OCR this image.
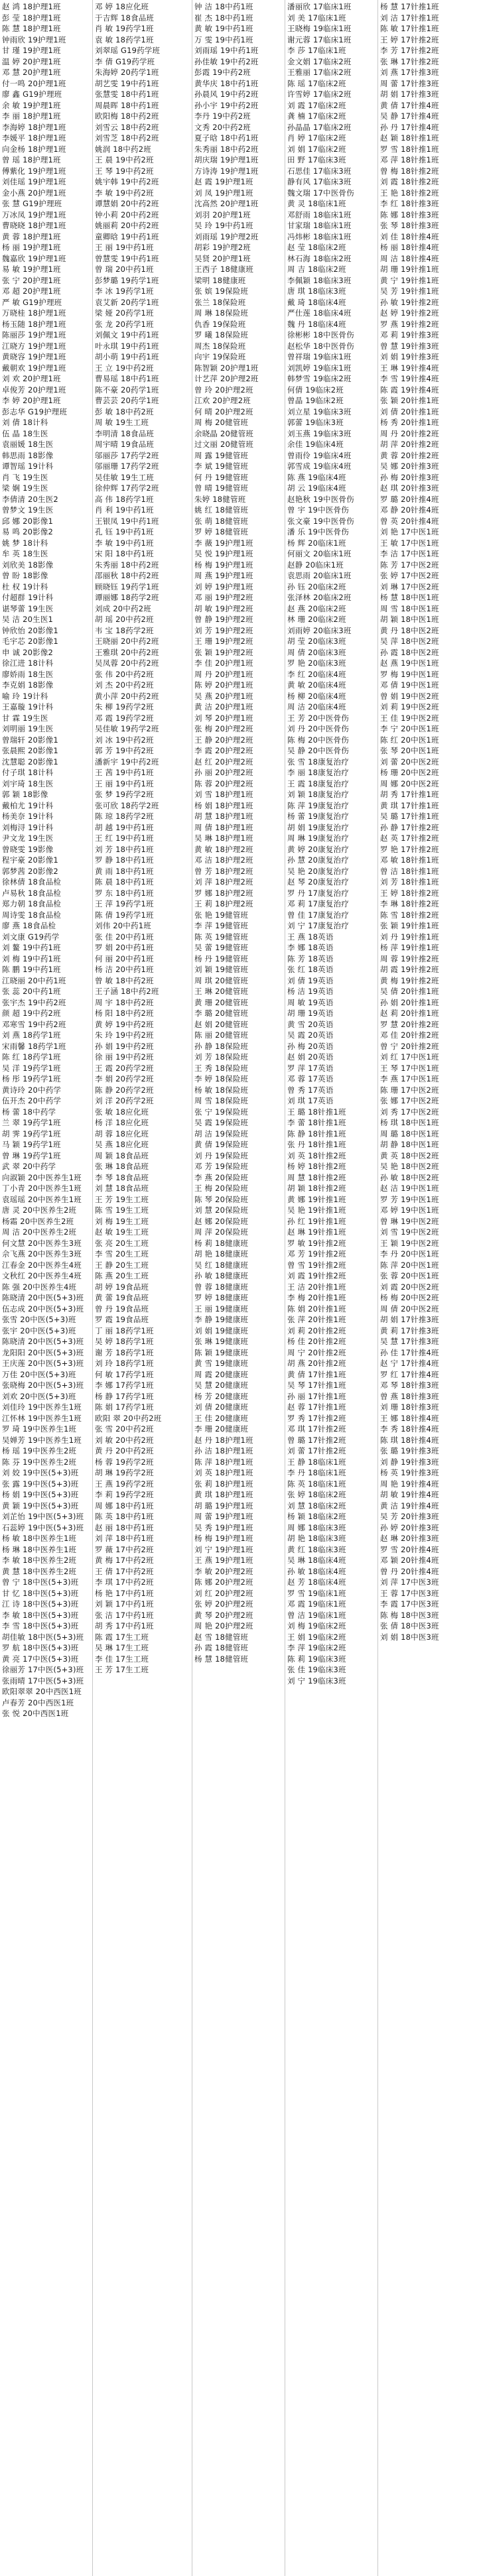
赵 鸿 18护理1班
彭 莹 18护理1班
陈 慧 18护理1班
钟雨欣 19护理1班
甘 瑾 19护理1班
温 婷 20护理1班
邓 慧 20护理1班
付一鸣 20护理1班
廖 鑫 G19护理班
余 敏 19护理1班
李 丽 18护理1班
李海婷 18护理1班
李媛平 18护理1班
向金杨 18护理1班
曾 瑶 18护理1班
傅紫化 19护理1班
刘佳瑶 19护理1班
金小燕 20护理1班
张 慧 G19护理班
万冰凤 19护理1班
曹晓晓 18护理1班
黄 蓉 18护理1班
杨 丽 19护理1班
魏嘉欣 19护理1班
易 敏 19护理1班
张 宁 20护理1班
邓 超 20护理1班
严 敏 G19护理班
万晓桂 18护理1班
杨玉随 18护理1班
陈丽莎 19护理1班
江晓方 19护理1班
黄晓容 19护理1班
戴朝欢 19护理1班
刘 欢 20护理1班
卓俊芳 20护理1班
李 婷 20护理1班
彭志华 G19护理班
刘 倩 18计科
伍 晶 18生医
袁丽媛 18生医
韩思雨 18影像
谭智瑶 19计科
肖 飞 19生医
梁 娴 19生医
李倩清 20生医2
曾梦文 19生医
邱 娜 20影像1
易 鸣 20影像2
姚 梦 18计科
牟 英 18生医
刘欣美 18影像
曾 盼 18影像
杜 权 19计科
付超群 19计科
谌琴蕾 19生医
吴 洁 20生医1
钟欣怡 20影像1
毛宇芯 20影像1
申 诚 20影像2
徐江进 18计科
廖娇雨 18生医
李克娟 18影像
喻 玲 19计科
王嘉璇 19计科
甘 霖 19生医
刘明丽 19生医
曾瑞轩 20影像1
张晨熙 20影像1
沈慧聪 20影像1
付子琪 18计科
刘宇琦 18生医
郭 颖 18影像
戴柏尤 19计科
杨美奈 19计科
刘梅浔 19计科
尹文龙 19生医
曾晓雯 19影像
程宇豪 20影像1
郭梦茜 20影像2
徐林倩 18食品检
卢易秋 18食品检
郑力朝 18食品检
周诗雯 18食品检
廖 燕 18食品检
刘文康 G19药学
刘 鳌 19中药1班
刘 梅 19中药1班
陈 鹏 19中药1班
江晓丽 20中药1班
张 蕊 20中药1班
张宇杰 19中药2班
颜 超 19中药2班
邓寒雪 19中药2班
刘 燕 18药学1班
宋雨馨 18药学1班
陈 红 18药学1班
吴 洋 19药学1班
杨 彤 19药学1班
黄诗玲 20中药学
伍开杰 20中药学
杨 蕾 18中药学
兰 翠 19药学1班
胡 霁 19药学1班
马 颖 19药学1班
曾 琳 19药学1班
武 翠 20中药学
向淑颖 20中医养生1班
丁小青 20中医养生1班
袁瑶瑶 20中医养生1班
唐 灵 20中医养生2班
杨霜 20中医养生2班
周 洁 20中医养生2班
何文慧 20中医养生3班
佘飞燕 20中医养生3班
江春金 20中医养生4班
文秋红 20中医养生4班
陈 强 20中医养生4班
陈晓清 20中医(5+3)班
伍志成 20中医(5+3)班
张雪 20中医(5+3)班
张宇 20中医(5+3)班
陈晓清 20中医(5+3)班
龙阳阳 20中医(5+3)班
王庆莲 20中医(5+3)班
万佳 20中医(5+3)班
张晓梅 20中医(5+3)班
刘欢 20中医(5+3)班
刘佳玲 19中医养生1班
江怀林 19中医养生1班
罗 琦 19中医养生1班
吴婵芳 19中医养生1班
杨 瑶 19中医养生2班
陈 芬 19中医养生2班
刘 姣 19中医(5+3)班
张 露 19中医(5+3)班
杨 娟 19中医(5+3)班
黄 颖 19中医(5+3)班
刘芷怡 19中医(5+3)班
石蕊婷 19中医(5+3)班
杨 敏 18中医养生1班
杨 琳 18中医养生1班
李 敏 18中医养生2班
黄 慧 18中医养生2班
曾 宁 18中医(5+3)班
甘 忆 18中医(5+3)班
江 诗 18中医(5+3)班
李 敏 18中医(5+3)班
李 雪 18中医(5+3)班
胡佳敏 18中医(5+3)班
罗 航 18中医(5+3)班
黄 亮 17中医(5+3)班
徐丽芳 17中医(5+3)班
张雨晴 17中医(5+3)班
欧阳翠翠 20中西医1班
卢春芳 20中西医1班
张 悦 20中西医1班
邓 婷 18应化班
于吉辉 18食品班
肖 敏 19药学1班
袁 敏 18药学1班
刘翠瑶 G19药学班
李 倩 G19药学班
朱海婷 20药学1班
胡艺雯 19中药1班
张慧雯 18中药1班
周晨晖 18中药1班
欧阳梅 18中药2班
刘雪云 18中药2班
刘雪芝 18中药2班
姚润 18中药2班
王 晨 19中药2班
王 琴 19中药2班
姚宇韩 19中药2班
李 敏 19中药2班
谭慧娟 20中药2班
钟小莉 20中药2班
姚丽莉 20中药2班
童卿晗 19中药1班
王 丽 19中药1班
曾慧雯 19中药1班
曾 瑞 20中药1班
彭梦璐 19药学1班
李 冰 19药学1班
袁艾新 20药学1班
梁 娅 20药学1班
张 龙 20药学1班
刘佩文 19中药1班
叶永琪 19中药1班
胡小萌 19中药1班
王 立 19中药2班
曹易瑶 18中药1班
陈不豪 20药学1班
曹芸芸 20药学1班
彭 敏 18中药2班
周 敏 19生工班
李明清 18食品班
周宇晴 19食品班
邬丽莎 17药学2班
邬丽珊 17药学2班
吴佳敏 19生工班
徐仲辉 17药学2班
高 伟 18药学1班
肖 利 19中药1班
王银凤 19中药1班
孔 钰 19中药1班
李 敏 19中药1班
宋 阳 18中药1班
朱秀丽 18中药2班
邵丽秋 18中药2班
顾晓钰 19药学1班
谭丽娜 18药学2班
刘成 20中药2班
胡 瑶 20中药2班
韦 宝 18药学2班
王晓丽 20中药2班
王雅琪 20中药2班
吴凤蓉 20中药2班
张 伟 20中药2班
刘 杰 20中药2班
黄小萍 20中药2班
朱 柳 19药学2班
邓 霞 19药学2班
吴佳敏 19药学2班
刘 冰 19中药2班
郭 芳 19中药2班
潘新宇 19中药2班
王 茜 19中药1班
王 丽 19中药1班
张 梦 19药学2班
张可欣 18药学2班
陈 琼 18药学2班
胡 越 19中药1班
王 红 19中药1班
刘 芳 18中药1班
罗 静 18中药1班
黄 雨 18中药1班
陈 晨 18中药1班
罗 东 18中药1班
王 萍 19药学1班
陈 倩 19药学1班
刘伟 20中药1班
张 佳 20中药1班
罗 娟 20中药1班
何 丽 20中药1班
杨 洁 20中药1班
曾 敏 18中药2班
王子涵 18中药2班
周 宇 18中药2班
杨 阳 18中药2班
黄 婷 19中药2班
朱 玲 19中药2班
孙 娟 19中药2班
徐 丽 19中药2班
王 霞 20药学2班
李 娟 20药学2班
陈 静 20药学2班
刘 洋 20药学2班
张 敏 18应化班
杨 洋 18应化班
胡 蓉 18应化班
吴 燕 18应化班
周 颖 18食品班
张 琳 18食品班
李 琴 18食品班
刘 慧 18食品班
王 芳 19生工班
陈 雪 19生工班
刘 梅 19生工班
赵 敏 19生工班
张 亮 20生工班
李 雪 20生工班
王 静 20生工班
陈 燕 20生工班
胡 婷 19食品班
黄 蕾 19食品班
曾 丹 19食品班
罗 霞 19食品班
丁 丽 18药学1班
吴 婷 18药学1班
谢 芳 18药学1班
刘 玲 18药学1班
何 敏 17药学1班
李 娜 17药学1班
杨 静 17药学1班
陈 娟 17药学1班
欧阳 翠 20中药2班
张 雪 20中药2班
刘 敏 20中药2班
黄 丹 20中药2班
杨 蓉 19药学2班
胡 琳 19药学2班
王 燕 19药学2班
李 莉 19药学2班
周 娜 18中药1班
陈 英 18中药1班
赵 丽 18中药1班
刘 萍 18中药1班
罗 薇 17中药2班
黄 梅 17中药2班
王 倩 17中药2班
李 琪 17中药2班
杨 艳 17中药1班
刘 颖 17中药1班
张 洁 17中药1班
胡 秀 17中药1班
陈 霞 17生工班
吴 琳 17生工班
李 佳 17生工班
王 芳 17生工班
钟 洁 18中药1班
崔 杰 18中药1班
黄 敏 19中药1班
万 雯 19中药1班
刘雨瑶 19中药1班
孙佳敏 19中药2班
彭霞 19中药2班
黄华庆 18中药1班
孙晨风 19中药2班
孙小宇 19中药2班
李丹 19中药2班
文秀 20中药2班
夏子晗 18中药1班
朱秀丽 18中药2班
胡庆瑞 19护理1班
方诗涛 19护理1班
赵 霞 19护理1班
刘 凤 19护理1班
沈高然 20护理1班
刘羽 20护理1班
吴 玲 19中药1班
刘雨瑶 19护理2班
胡彩 19护理2班
吴贤 20护理1班
王西子 18健康班
梁明 18健康班
张 嫔 19保险班
张兰 18保险班
周 琳 18保险班
仇香 19保险班
罗 曦 18保险班
周杰 18保险班
向宇 19保险班
陈智颖 20护理1班
计艺萍 20护理2班
曾 玲 20护理2班
江欢 20护理2班
何 晴 20护理2班
周 梅 20健管班
余晓晶 20健管班
过文丽 20健管班
周 露 19健管班
李 斌 19健管班
何 丹 19健管班
曾 晴 19健管班
朱婷 18健管班
姚 红 18健管班
张 萌 18健管班
罗 婷 18健管班
李 薇 19护理1班
吴 悦 19护理1班
杨 梅 19护理1班
周 燕 19护理1班
刘 婷 19护理1班
邓 丽 19护理2班
胡 敏 19护理2班
曾 静 19护理2班
刘 芳 19护理2班
王 珊 19护理2班
张 颖 19护理2班
李 佳 20护理1班
周 丹 20护理1班
陈 婷 20护理1班
吴 燕 20护理1班
黄 洁 20护理1班
刘 琴 20护理1班
张 梅 20护理2班
王 静 20护理2班
李 霞 20护理2班
赵 红 20护理2班
孙 丽 20护理2班
陈 蓉 20护理2班
刘 雪 18护理1班
杨 娟 18护理1班
胡 慧 18护理1班
周 倩 18护理1班
吴 琳 18护理1班
黄 敏 18护理2班
邓 洁 18护理2班
曾 芳 18护理2班
刘 萍 18护理2班
罗 娜 18护理2班
王 莉 18护理2班
张 艳 19健管班
李 萍 19健管班
陈 英 19健管班
吴 蕾 19健管班
杨 丹 19健管班
刘 颖 19健管班
周 琪 20健管班
王 琳 20健管班
黄 珊 20健管班
李 璐 20健管班
赵 娟 20健管班
陈 丽 20健管班
孙 静 18保险班
刘 芳 18保险班
王 秀 18保险班
李 婷 18保险班
杨 敏 18保险班
周 雪 18保险班
张 宁 19保险班
吴 霞 19保险班
胡 洁 19保险班
黄 倩 19保险班
刘 丹 19保险班
邓 芳 19保险班
李 燕 20保险班
王 梅 20保险班
陈 琴 20保险班
刘 慧 20保险班
赵 娜 20保险班
周 萍 20保险班
杨 莉 18健康班
胡 艳 18健康班
吴 红 18健康班
孙 敏 18健康班
曾 蓉 18健康班
罗 婷 18健康班
王 丽 19健康班
李 静 19健康班
刘 娟 19健康班
张 琳 19健康班
陈 颖 19健康班
黄 雪 19健康班
周 霞 20健康班
吴 慧 20健康班
杨 芳 20健康班
刘 倩 20健康班
王 佳 20健康班
李 珊 20健康班
赵 丹 18护理1班
孙 洁 18护理1班
陈 萍 18护理1班
刘 英 18护理1班
张 莉 18护理1班
黄 琪 18护理1班
胡 璐 19护理1班
周 蕾 19护理1班
吴 秀 19护理1班
杨 梅 19护理1班
刘 宁 19护理1班
王 燕 19护理1班
李 敏 20护理2班
陈 娜 20护理2班
刘 红 20护理2班
张 婷 20护理2班
黄 琴 20护理2班
周 艳 20护理2班
赵 雪 18健管班
孙 霞 18健管班
杨 慧 18健管班
潘丽欣 17临床1班
刘 美 17临床1班
王晓梅 19临床1班
谢元蓉 17临床1班
李 莎 17临床1班
金文娟 17临床2班
王雅丽 17临床2班
陈 瑶 17临床2班
许雪婷 17临床2班
刘 霞 17临床2班
龚 楠 17临床2班
孙晶晶 17临床2班
肖 婷 17临床2班
刘 娟 17临床2班
田 野 17临床3班
石思佳 17临床3班
静有风 17临床3班
魏文瑞 17中医骨伤
黄 灵 18临床1班
邓舒雨 18临床1班
甘家瑞 18临床1班
冯炜彬 18临床1班
赵 莹 18临床2班
林石海 18临床2班
周 吉 18临床2班
李佩颖 18临床3班
唐 琪 18临床3班
戴 琦 18临床4班
严仕莲 18临床4班
魏 丹 18临床4班
徐彬彬 18中医骨伤
赵松华 18中医骨伤
曾祥瑞 19临床1班
刘凯婷 19临床1班
韩梦雪 19临床2班
何倩 19临床2班
曾晶 19临床2班
刘立星 19临床3班
郭蕾 19临床3班
刘玉燕 19临床3班
余佳 19临床4班
曾雨伶 19临床4班
郭雪成 19临床4班
陈 燕 19临床4班
胡 云 19临床4班
赵艳秋 19中医骨伤
曾 宇 19中医骨伤
张文豪 19中医骨伤
潘 乐 19中医骨伤
杨 辉 20临床1班
何丽文 20临床1班
赵静 20临床1班
袁思雨 20临床1班
孙 钰 20临床2班
张泽林 20临床2班
赵 燕 20临床2班
林 珊 20临床2班
刘雨婷 20临床3班
胡 莹 20临床3班
周 倩 20临床3班
罗 艳 20临床3班
李 红 20临床4班
黄 敏 20临床4班
杨 柳 20临床4班
周 洁 20临床4班
王 芳 20中医骨伤
刘 丹 20中医骨伤
陈 梅 20中医骨伤
吴 静 20中医骨伤
张 雪 18康复治疗
李 丽 18康复治疗
王 霞 18康复治疗
刘 颖 18康复治疗
陈 萍 19康复治疗
杨 蕾 19康复治疗
胡 娟 19康复治疗
周 琳 19康复治疗
黄 婷 20康复治疗
孙 慧 20康复治疗
吴 艳 20康复治疗
赵 琴 20康复治疗
罗 丹 17康复治疗
邓 莉 17康复治疗
曾 佳 17康复治疗
刘 宁 17康复治疗
王 燕 18英语
李 娜 18英语
陈 芳 18英语
张 红 18英语
刘 倩 19英语
杨 洁 19英语
周 敏 19英语
胡 珊 19英语
黄 雪 20英语
吴 霞 20英语
孙 梅 20英语
赵 娟 20英语
罗 萍 17英语
邓 蓉 17英语
曾 秀 17英语
刘 琪 17英语
王 璐 18针推1班
李 蕾 18针推1班
陈 静 18针推1班
张 丹 18针推1班
刘 英 18针推2班
杨 婷 18针推2班
周 慧 18针推2班
胡 颖 18针推2班
黄 娜 19针推1班
吴 艳 19针推1班
孙 红 19针推1班
赵 琳 19针推1班
罗 敏 19针推2班
邓 芳 19针推2班
曾 雪 19针推2班
刘 霞 19针推2班
王 洁 20针推1班
李 梅 20针推1班
陈 娟 20针推1班
张 萍 20针推1班
刘 莉 20针推2班
杨 佳 20针推2班
周 宁 20针推2班
胡 燕 20针推2班
黄 倩 17针推1班
吴 琴 17针推1班
孙 丽 17针推1班
赵 蓉 17针推1班
罗 秀 17针推2班
邓 琪 17针推2班
曾 璐 17针推2班
刘 蕾 17针推2班
王 静 18临床1班
李 丹 18临床1班
陈 英 18临床1班
张 婷 18临床2班
刘 慧 18临床2班
杨 颖 18临床2班
周 娜 18临床3班
胡 艳 18临床3班
黄 红 18临床3班
吴 琳 18临床4班
孙 敏 18临床4班
赵 芳 18临床4班
罗 雪 19临床1班
邓 霞 19临床1班
曾 洁 19临床1班
刘 梅 19临床2班
王 娟 19临床2班
李 萍 19临床2班
陈 莉 19临床3班
张 佳 19临床3班
刘 宁 19临床3班
杨 慧 17针推1班
刘 洁 17针推1班
陈 敏 17针推1班
王 婷 17针推2班
李 芳 17针推2班
张 琳 17针推2班
刘 燕 17针推3班
周 蕾 17针推3班
胡 娟 17针推3班
黄 倩 17针推4班
吴 静 17针推4班
孙 丹 17针推4班
赵 颖 18针推1班
罗 雪 18针推1班
邓 萍 18针推1班
曾 梅 18针推2班
刘 霞 18针推2班
王 艳 18针推2班
李 红 18针推3班
陈 娜 18针推3班
张 琴 18针推3班
刘 佳 18针推4班
杨 丽 18针推4班
周 洁 18针推4班
胡 珊 19针推1班
黄 宁 19针推1班
吴 芳 19针推1班
孙 敏 19针推2班
赵 婷 19针推2班
罗 燕 19针推2班
邓 莉 19针推3班
曾 慧 19针推3班
刘 娟 19针推3班
王 琳 19针推4班
李 雪 19针推4班
陈 霞 19针推4班
张 颖 20针推1班
刘 倩 20针推1班
杨 秀 20针推1班
周 丹 20针推2班
胡 萍 20针推2班
黄 蓉 20针推2班
吴 娜 20针推3班
孙 梅 20针推3班
赵 琪 20针推3班
罗 璐 20针推4班
邓 静 20针推4班
曾 英 20针推4班
刘 艳 17中医1班
王 敏 17中医1班
李 洁 17中医1班
陈 芳 17中医2班
张 婷 17中医2班
刘 琳 17中医2班
杨 慧 18中医1班
周 雪 18中医1班
胡 颖 18中医1班
黄 丹 18中医2班
吴 萍 18中医2班
孙 霞 18中医2班
赵 燕 19中医1班
罗 梅 19中医1班
邓 倩 19中医1班
曾 娟 19中医2班
刘 莉 19中医2班
王 佳 19中医2班
李 宁 20中医1班
陈 红 20中医1班
张 琴 20中医1班
刘 蕾 20中医2班
杨 珊 20中医2班
周 娜 20中医2班
胡 秀 17针推1班
黄 琪 17针推1班
吴 璐 17针推1班
孙 静 17针推2班
赵 英 17针推2班
罗 艳 17针推2班
邓 敏 18针推1班
曾 洁 18针推1班
刘 芳 18针推1班
王 婷 18针推2班
李 琳 18针推2班
陈 雪 18针推2班
张 颖 19针推1班
刘 丹 19针推1班
杨 萍 19针推1班
周 蓉 19针推2班
胡 霞 19针推2班
黄 梅 19针推2班
吴 倩 20针推1班
孙 娟 20针推1班
赵 莉 20针推1班
罗 慧 20针推2班
邓 佳 20针推2班
曾 宁 20针推2班
刘 红 17中医1班
王 琴 17中医1班
李 燕 17中医1班
陈 珊 17中医2班
张 娜 17中医2班
刘 秀 17中医2班
杨 琪 18中医1班
周 璐 18中医1班
胡 静 18中医1班
黄 英 18中医2班
吴 艳 18中医2班
孙 敏 18中医2班
赵 洁 19中医1班
罗 芳 19中医1班
邓 婷 19中医1班
曾 琳 19中医2班
刘 雪 19中医2班
王 颖 19中医2班
李 丹 20中医1班
陈 萍 20中医1班
张 蓉 20中医1班
刘 霞 20中医2班
杨 梅 20中医2班
周 倩 20中医2班
胡 娟 17针推3班
黄 莉 17针推3班
吴 慧 17针推3班
孙 佳 17针推4班
赵 宁 17针推4班
罗 红 17针推4班
邓 琴 18针推3班
曾 燕 18针推3班
刘 珊 18针推3班
王 娜 18针推4班
李 秀 18针推4班
陈 琪 18针推4班
张 璐 19针推3班
刘 静 19针推3班
杨 英 19针推3班
周 艳 19针推4班
胡 敏 19针推4班
黄 洁 19针推4班
吴 芳 20针推3班
孙 婷 20针推3班
赵 琳 20针推3班
罗 雪 20针推4班
邓 颖 20针推4班
曾 丹 20针推4班
刘 萍 17中医3班
王 蓉 17中医3班
李 霞 17中医3班
陈 梅 18中医3班
张 倩 18中医3班
刘 娟 18中医3班
